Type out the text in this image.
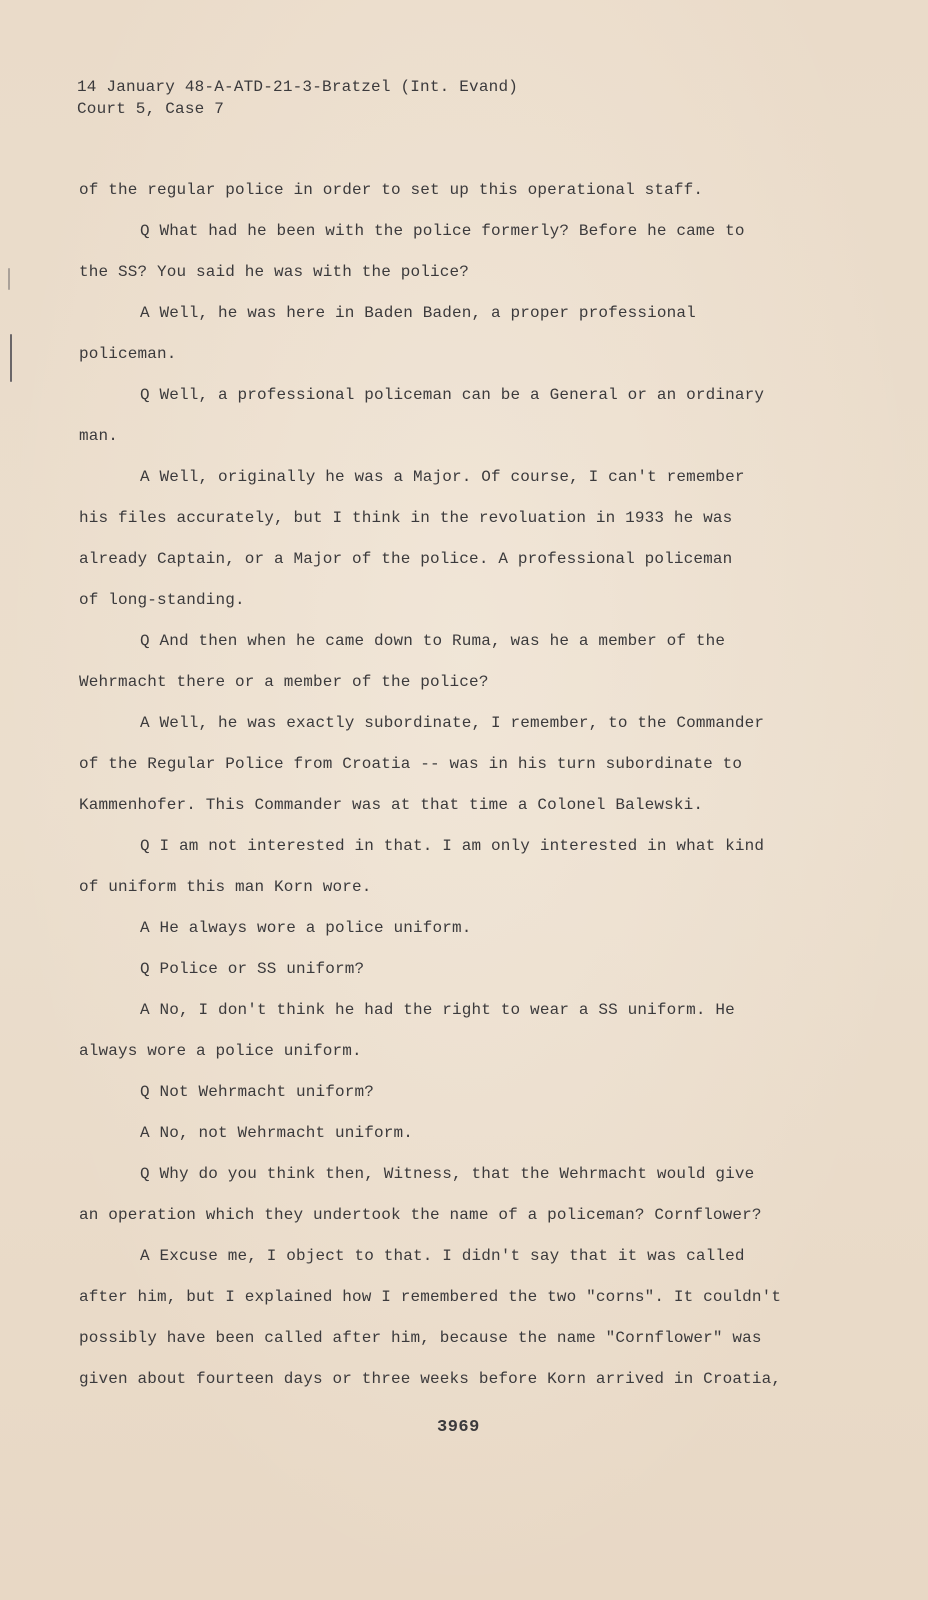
14 January 48-A-ATD-21-3-Bratzel (Int. Evand)
Court 5, Case 7
of the regular police in order to set up this operational staff.
Q What had he been with the police formerly? Before he came to
the SS? You said he was with the police?
A Well, he was here in Baden Baden, a proper professional
policeman.
Q Well, a professional policeman can be a General or an ordinary
man.
A Well, originally he was a Major. Of course, I can't remember
his files accurately, but I think in the revoluation in 1933 he was
already Captain, or a Major of the police. A professional policeman
of long-standing.
Q And then when he came down to Ruma, was he a member of the
Wehrmacht there or a member of the police?
A Well, he was exactly subordinate, I remember, to the Commander
of the Regular Police from Croatia -- was in his turn subordinate to
Kammenhofer. This Commander was at that time a Colonel Balewski.
Q I am not interested in that. I am only interested in what kind
of uniform this man Korn wore.
A He always wore a police uniform.
Q Police or SS uniform?
A No, I don't think he had the right to wear a SS uniform. He
always wore a police uniform.
Q Not Wehrmacht uniform?
A No, not Wehrmacht uniform.
Q Why do you think then, Witness, that the Wehrmacht would give
an operation which they undertook the name of a policeman? Cornflower?
A Excuse me, I object to that. I didn't say that it was called
after him, but I explained how I remembered the two "corns". It couldn't
possibly have been called after him, because the name "Cornflower" was
given about fourteen days or three weeks before Korn arrived in Croatia,
3969
